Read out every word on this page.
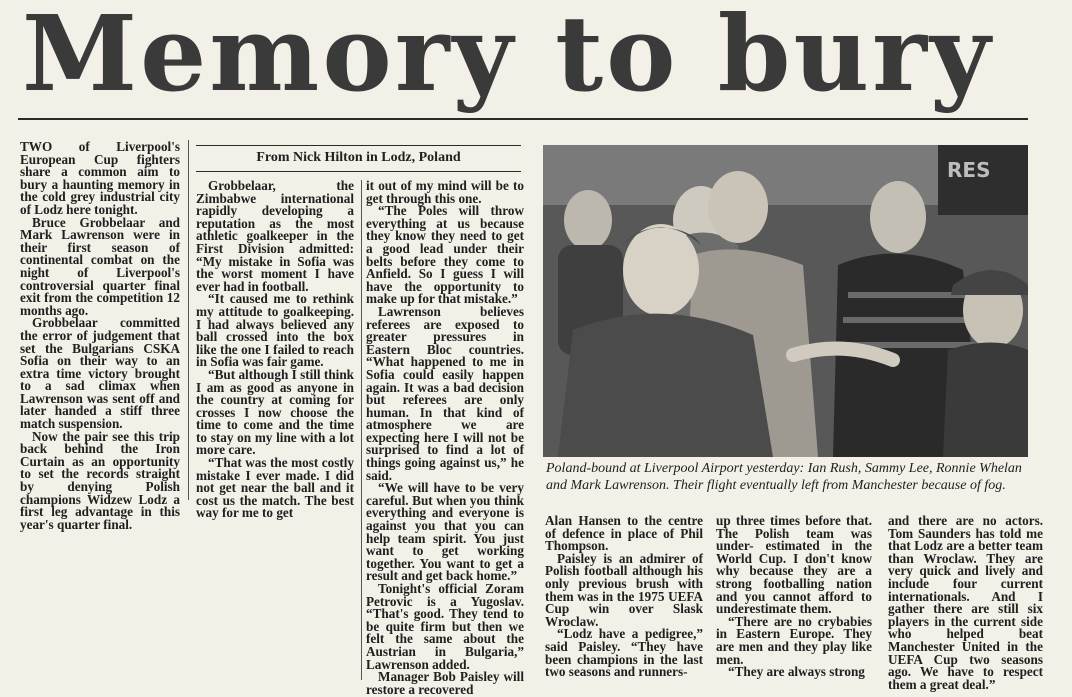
Memory to bury
From Nick Hilton in Lodz, Poland

TWO of Liverpool's European Cup fighters share a common aim to bury a haunting memory in the cold grey industrial city of Lodz here tonight.

Bruce Grobbelaar and Mark Lawrenson were in their first season of continental combat on the night of Liverpool's controversial quarter final exit from the competition 12 months ago.

Grobbelaar committed the error of judgement that set the Bulgarians CSKA Sofia on their way to an extra time victory brought to a sad climax when Lawrenson was sent off and later handed a stiff three match suspension.

Now the pair see this trip back behind the Iron Curtain as an opportunity to set the records straight by denying Polish champions Widzew Lodz a first leg advantage in this year's quarter final.

Grobbelaar, the Zimbabwe international rapidly developing a reputation as the most athletic goalkeeper in the First Division admitted: “My mistake in Sofia was the worst moment I have ever had in football.

“It caused me to rethink my attitude to goalkeeping. I had always believed any ball crossed into the box like the one I failed to reach in Sofia was fair game.

“But although I still think I am as good as anyone in the country at coming for crosses I now choose the time to come and the time to stay on my line with a lot more care.

“That was the most costly mistake I ever made. I did not get near the ball and it cost us the match. The best way for me to get

it out of my mind will be to get through this one.

“The Poles will throw everything at us because they know they need to get a good lead under their belts before they come to Anfield. So I guess I will have the opportunity to make up for that mistake.”

Lawrenson believes referees are exposed to greater pressures in Eastern Bloc countries. “What happened to me in Sofia could easily happen again. It was a bad decision but referees are only human. In that kind of atmosphere we are expecting here I will not be surprised to find a lot of things going against us,” he said.

“We will have to be very careful. But when you think everything and everyone is against you that you can help team spirit. You just want to get working together. You want to get a result and get back home.”

Tonight's official Zoram Petrovic is a Yugoslav. “That's good. They tend to be quite firm but then we felt the same about the Austrian in Bulgaria,” Lawrenson added.

Manager Bob Paisley will restore a recovered

Alan Hansen to the centre of defence in place of Phil Thompson.

Paisley is an admirer of Polish football although his only previous brush with them was in the 1975 UEFA Cup win over Slask Wroclaw.

“Lodz have a pedigree,” said Paisley. “They have been champions in the last two seasons and runners-

up three times before that. The Polish team was under- estimated in the World Cup. I don't know why because they are a strong footballing nation and you cannot afford to underestimate them.

“There are no crybabies in Eastern Europe. They are men and they play like men.

“They are always strong

and there are no actors. Tom Saunders has told me that Lodz are a better team than Wroclaw. They are very quick and lively and include four current internationals. And I gather there are still six players in the current side who helped beat Manchester United in the UEFA Cup two seasons ago. We have to respect them a great deal.”

RES
Poland-bound at Liverpool Airport yesterday: Ian Rush, Sammy Lee, Ronnie Whelan and Mark Lawrenson. Their flight eventually left from Manchester because of fog.
